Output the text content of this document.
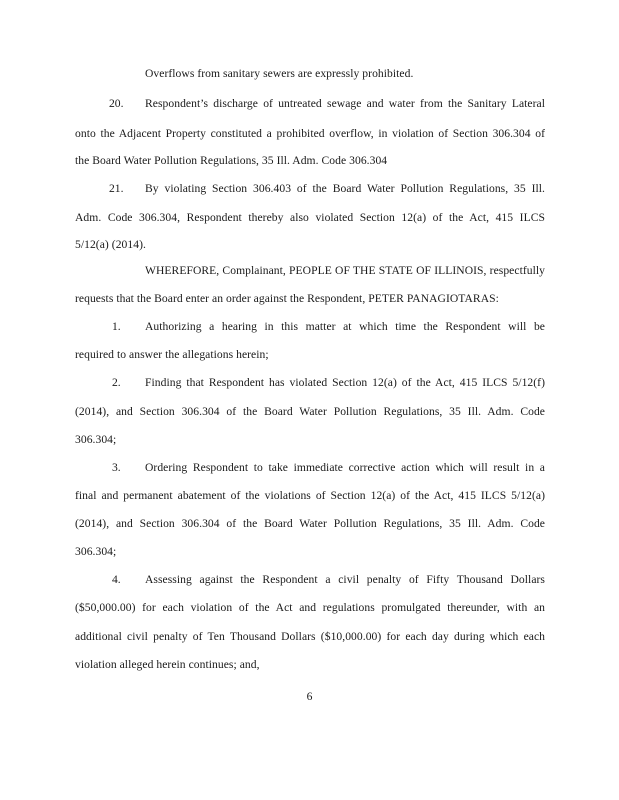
Overflows from sanitary sewers are expressly prohibited.
20. Respondent’s discharge of untreated sewage and water from the Sanitary Lateral
onto the Adjacent Property constituted a prohibited overflow, in violation of Section 306.304 of
the Board Water Pollution Regulations, 35 Ill. Adm. Code 306.304
21. By violating Section 306.403 of the Board Water Pollution Regulations, 35 Ill.
Adm. Code 306.304, Respondent thereby also violated Section 12(a) of the Act, 415 ILCS
5/12(a) (2014).
WHEREFORE, Complainant, PEOPLE OF THE STATE OF ILLINOIS, respectfully
requests that the Board enter an order against the Respondent, PETER PANAGIOTARAS:
1. Authorizing a hearing in this matter at which time the Respondent will be
required to answer the allegations herein;
2. Finding that Respondent has violated Section 12(a) of the Act, 415 ILCS 5/12(f)
(2014), and Section 306.304 of the Board Water Pollution Regulations, 35 Ill. Adm. Code
306.304;
3. Ordering Respondent to take immediate corrective action which will result in a
final and permanent abatement of the violations of Section 12(a) of the Act, 415 ILCS 5/12(a)
(2014), and Section 306.304 of the Board Water Pollution Regulations, 35 Ill. Adm. Code
306.304;
4. Assessing against the Respondent a civil penalty of Fifty Thousand Dollars
($50,000.00) for each violation of the Act and regulations promulgated thereunder, with an
additional civil penalty of Ten Thousand Dollars ($10,000.00) for each day during which each
violation alleged herein continues; and,
6
